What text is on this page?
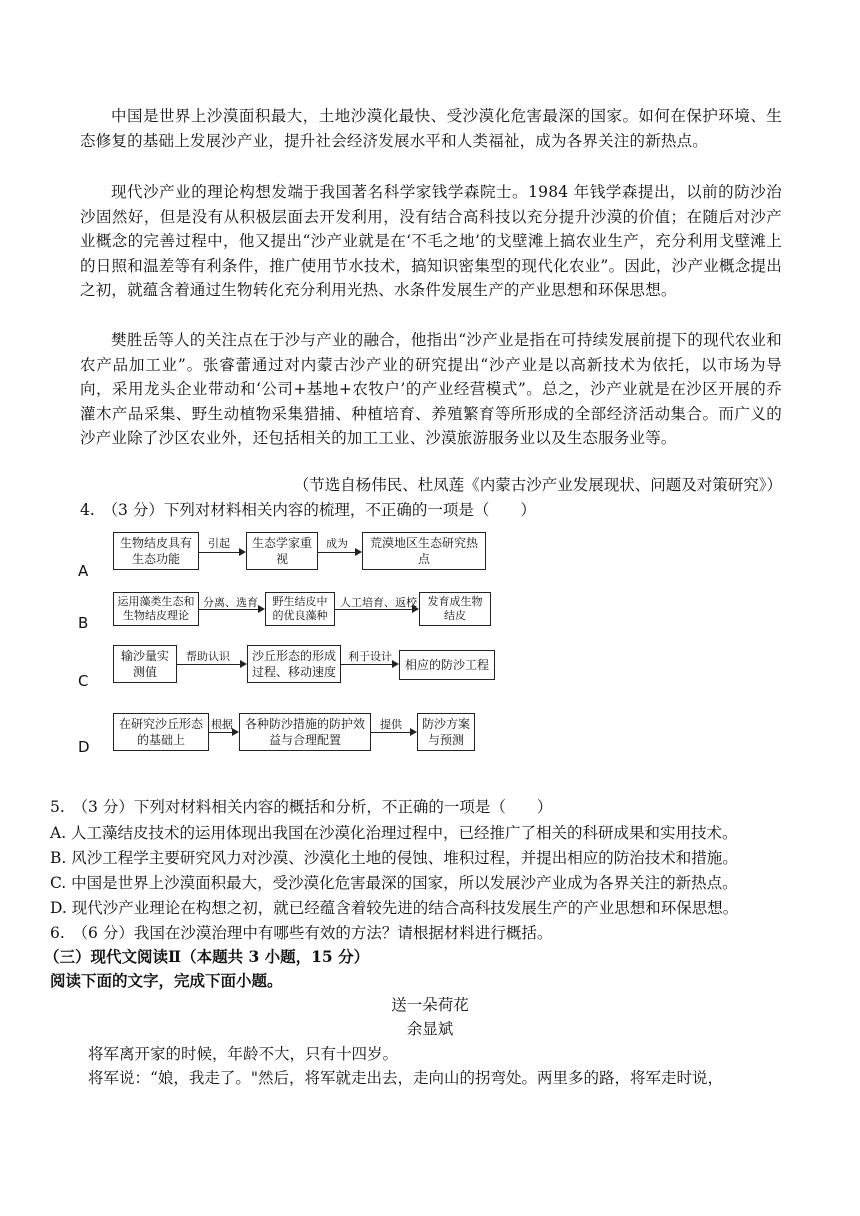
中国是世界上沙漠面积最大，土地沙漠化最快、受沙漠化危害最深的国家。如何在保护环境、生态修复的基础上发展沙产业，提升社会经济发展水平和人类福祉，成为各界关注的新热点。

现代沙产业的理论构想发端于我国著名科学家钱学森院士。1984 年钱学森提出，以前的防沙治沙固然好，但是没有从积极层面去开发利用，没有结合高科技以充分提升沙漠的价值；在随后对沙产业概念的完善过程中，他又提出“沙产业就是在‘不毛之地’的戈壁滩上搞农业生产，充分利用戈壁滩上的日照和温差等有利条件，推广使用节水技术，搞知识密集型的现代化农业”。因此，沙产业概念提出之初，就蕴含着通过生物转化充分利用光热、水条件发展生产的产业思想和环保思想。

樊胜岳等人的关注点在于沙与产业的融合，他指出“沙产业是指在可持续发展前提下的现代农业和农产品加工业”。张睿蕾通过对内蒙古沙产业的研究提出“沙产业是以高新技术为依托，以市场为导向，采用龙头企业带动和‘公司+基地+农牧户’的产业经营模式”。总之，沙产业就是在沙区开展的乔灌木产品采集、野生动植物采集猎捕、种植培育、养殖繁育等所形成的全部经济活动集合。而广义的沙产业除了沙区农业外，还包括相关的加工工业、沙漠旅游服务业以及生态服务业等。

（节选自杨伟民、杜凤莲《内蒙古沙产业发展现状、问题及对策研究》）
4.　（3 分）下列对材料相关内容的梳理，不正确的一项是（　　）
A
生物结皮具有生态功能
引起	生态学家重视
成为	荒漠地区生态研究热点
B
运用藻类生态和生物结皮理论
分离、选育	野生结皮中的优良藻种
人工培育、返校 发育成生物结皮
C
输沙量实测值
帮助认识	沙丘形态的形成过程、移动速度
利于设计
相应的防沙工程
D
在研究沙丘形态的基础上
根据 各种防沙措施的防护效益与合理配置
提供	防沙方案与预测
5.　（3 分）下列对材料相关内容的概括和分析，不正确的一项是（　　）
A. 人工藻结皮技术的运用体现出我国在沙漠化治理过程中，已经推广了相关的科研成果和实用技术。
B. 风沙工程学主要研究风力对沙漠、沙漠化土地的侵蚀、堆积过程，并提出相应的防治技术和措施。
C. 中国是世界上沙漠面积最大，受沙漠化危害最深的国家，所以发展沙产业成为各界关注的新热点。
D. 现代沙产业理论在构想之初，就已经蕴含着较先进的结合高科技发展生产的产业思想和环保思想。
6.　（6 分）我国在沙漠治理中有哪些有效的方法？请根据材料进行概括。
（三）现代文阅读Ⅱ（本题共 3 小题，15 分）
阅读下面的文字，完成下面小题。
送一朵荷花
余显斌
将军离开家的时候，年龄不大，只有十四岁。
将军说：“娘，我走了。"然后，将军就走出去，走向山的拐弯处。两里多的路，将军走时说，
